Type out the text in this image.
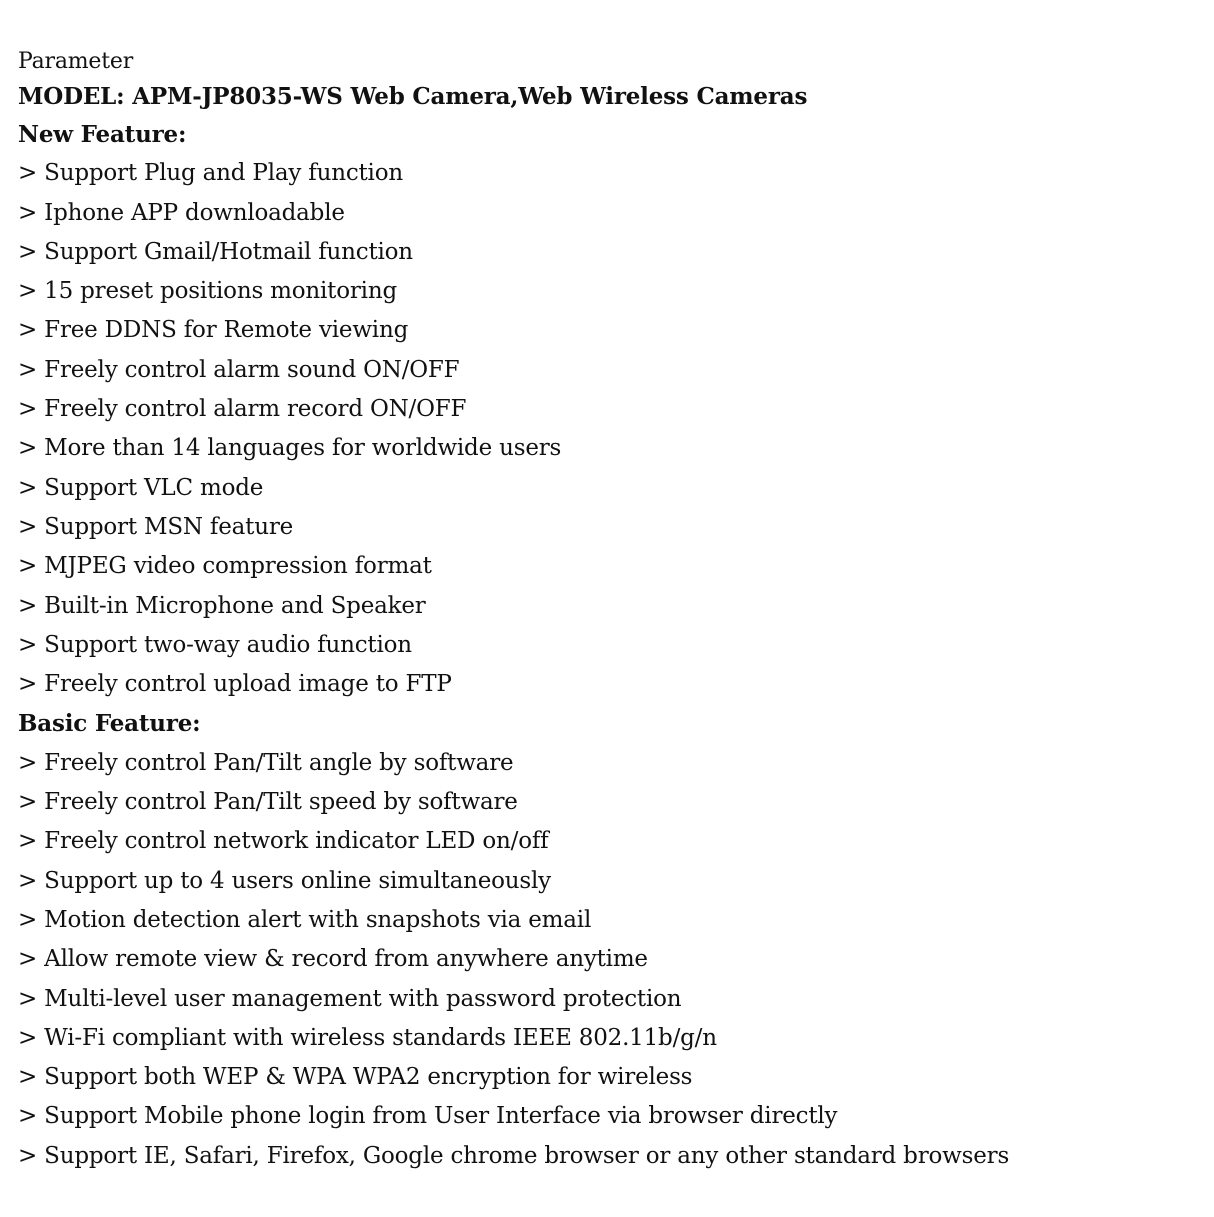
Parameter
MODEL: APM-JP8035-WS Web Camera,Web Wireless Cameras
New Feature:
> Support Plug and Play function
> Iphone APP downloadable
> Support Gmail/Hotmail function
> 15 preset positions monitoring
> Free DDNS for Remote viewing
> Freely control alarm sound ON/OFF
> Freely control alarm record ON/OFF
> More than 14 languages for worldwide users
> Support VLC mode
> Support MSN feature
> MJPEG video compression format
> Built-in Microphone and Speaker
> Support two-way audio function
> Freely control upload image to FTP
Basic Feature:
> Freely control Pan/Tilt angle by software
> Freely control Pan/Tilt speed by software
> Freely control network indicator LED on/off
> Support up to 4 users online simultaneously
> Motion detection alert with snapshots via email
> Allow remote view & record from anywhere anytime
> Multi-level user management with password protection
> Wi-Fi compliant with wireless standards IEEE 802.11b/g/n
> Support both WEP & WPA WPA2 encryption for wireless
> Support Mobile phone login from User Interface via browser directly
> Support IE, Safari, Firefox, Google chrome browser or any other standard browsers
